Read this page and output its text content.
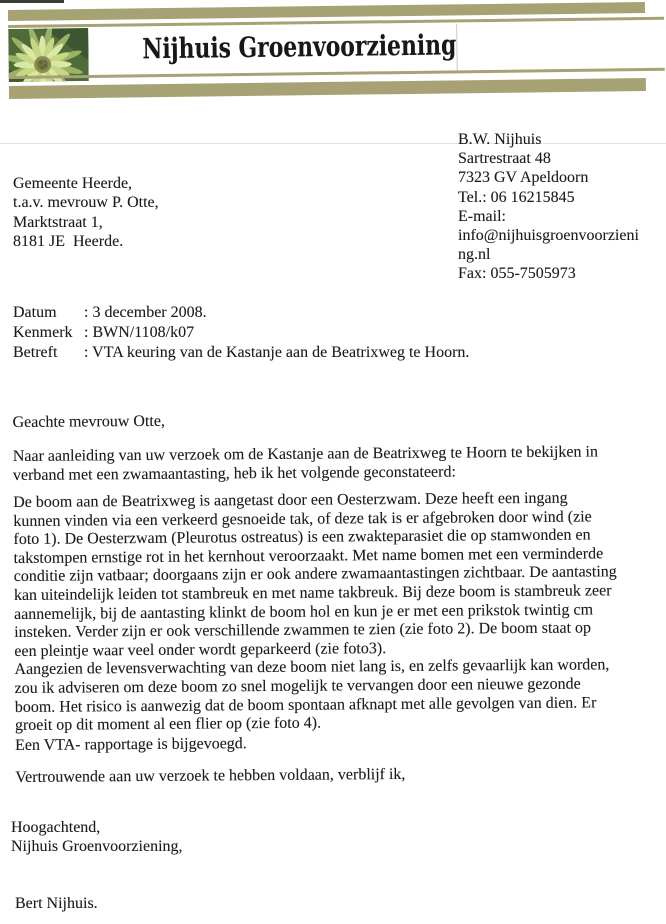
Nijhuis Groenvoorziening
Gemeente Heerde,
t.a.v. mevrouw P. Otte,
Marktstraat 1,
8181 JE  Heerde.
B.W. Nijhuis
Sartrestraat 48
7323 GV Apeldoorn
Tel.: 06 16215845
E-mail:
info@nijhuisgroenvoorzieni
ng.nl
Fax: 055-7505973
Datum : 3 december 2008.
Kenmerk : BWN/1108/k07
Betreft : VTA keuring van de Kastanje aan de Beatrixweg te Hoorn.
Geachte mevrouw Otte,
Naar aanleiding van uw verzoek om de Kastanje aan de Beatrixweg te Hoorn te bekijken in
verband met een zwamaantasting, heb ik het volgende geconstateerd:
De boom aan de Beatrixweg is aangetast door een Oesterzwam. Deze heeft een ingang
kunnen vinden via een verkeerd gesnoeide tak, of deze tak is er afgebroken door wind (zie
foto 1). De Oesterzwam (Pleurotus ostreatus) is een zwakteparasiet die op stamwonden en
takstompen ernstige rot in het kernhout veroorzaakt. Met name bomen met een verminderde
conditie zijn vatbaar; doorgaans zijn er ook andere zwamaantastingen zichtbaar. De aantasting
kan uiteindelijk leiden tot stambreuk en met name takbreuk. Bij deze boom is stambreuk zeer
aannemelijk, bij de aantasting klinkt de boom hol en kun je er met een prikstok twintig cm
insteken. Verder zijn er ook verschillende zwammen te zien (zie foto 2). De boom staat op
een pleintje waar veel onder wordt geparkeerd (zie foto3).
Aangezien de levensverwachting van deze boom niet lang is, en zelfs gevaarlijk kan worden,
zou ik adviseren om deze boom zo snel mogelijk te vervangen door een nieuwe gezonde
boom. Het risico is aanwezig dat de boom spontaan afknapt met alle gevolgen van dien. Er
groeit op dit moment al een flier op (zie foto 4).
Een VTA- rapportage is bijgevoegd.
Vertrouwende aan uw verzoek te hebben voldaan, verblijf ik,
Hoogachtend,
Nijhuis Groenvoorziening,
Bert Nijhuis.
